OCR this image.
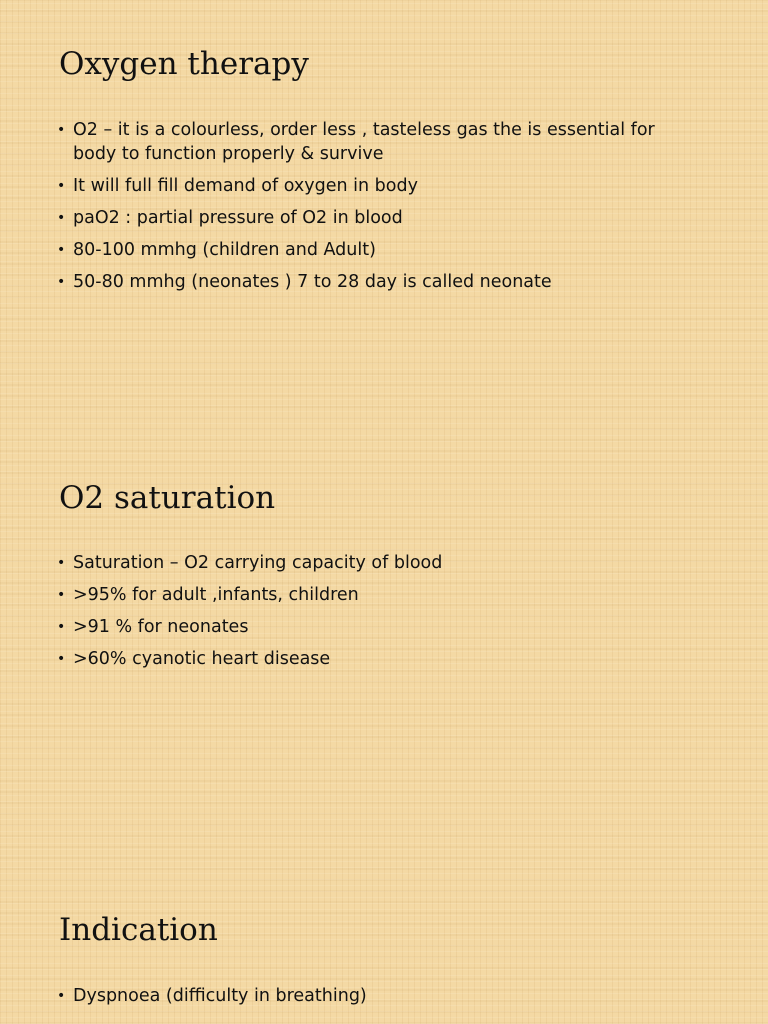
Oxygen therapy
• O2 – it is a colourless, order less , tasteless gas the is essential for body to function properly & survive
• It will full fill demand of oxygen in body
• paO2 : partial pressure of O2 in blood
• 80-100 mmhg (children and Adult)
• 50-80 mmhg (neonates ) 7 to 28 day is called neonate
O2 saturation
• Saturation – O2 carrying capacity of blood
• >95% for adult ,infants, children
• >91 % for neonates
• >60% cyanotic heart disease
Indication
• Dyspnoea (difficulty in breathing)
